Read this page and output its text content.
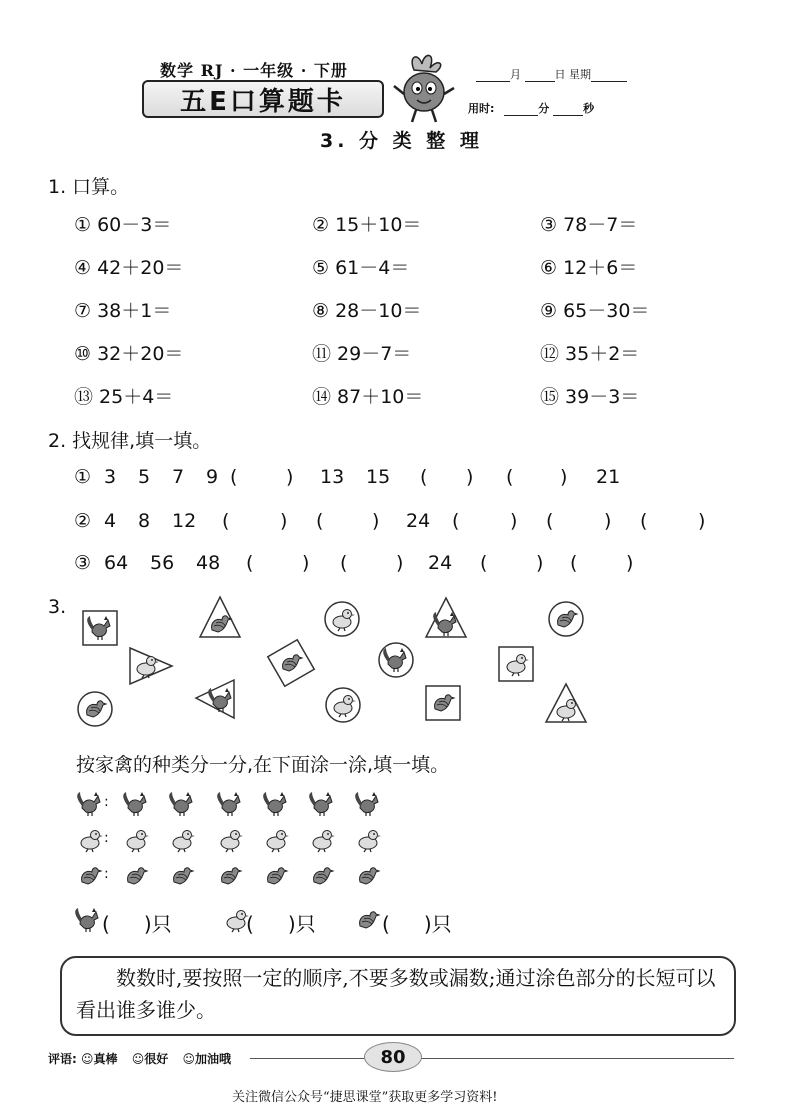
数学 RJ · 一年级 · 下册
五E口算题卡
月	日 星期
用时:	分	秒
3. 分 类 整 理
1. 口算。
① 60－3＝	② 15＋10＝	③ 78－7＝
④ 42＋20＝	⑤ 61－4＝	⑥ 12＋6＝
⑦ 38＋1＝	⑧ 28－10＝	⑨ 65－30＝
⑩ 32＋20＝	⑪ 29－7＝	⑫ 35＋2＝
⑬ 25＋4＝	⑭ 87＋10＝	⑮ 39－3＝
2. 找规律,填一填。
① 3 5 7 9 (	) 13 15 ( ) ( ) 21
② 4 8 12 (	) (	) 24 (	) (	) (	)
③ 64 56 48 (	) (	) 24 (	) (	)
3.
按家禽的种类分一分,在下面涂一涂,填一填。
:
:
:
( )只	( )只	( )只
数数时,要按照一定的顺序,不要多数或漏数;通过涂色部分的长短可以看出谁多谁少。
评语: ☺真棒 ☺很好 ☺加油哦	80
关注微信公众号“捷思课堂”获取更多学习资料!
